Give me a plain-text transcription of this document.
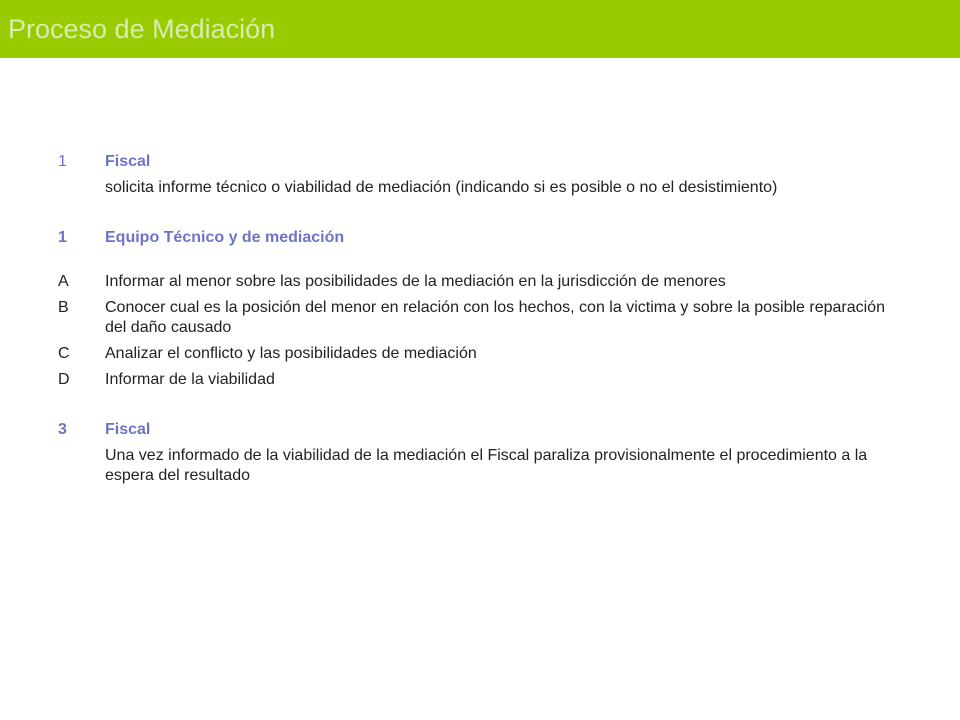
Proceso de Mediación
1	Fiscal
solicita informe técnico o viabilidad de mediación (indicando si es posible o no el desistimiento)
1	Equipo Técnico y de mediación
A	Informar al menor sobre las posibilidades de la mediación en la jurisdicción de menores
B	Conocer cual es la posición del menor en relación con los hechos, con la victima y sobre la posible reparación del daño causado
C	Analizar el conflicto y las posibilidades de mediación
D	Informar de la viabilidad
3	Fiscal
Una vez informado de la viabilidad de la mediación el Fiscal paraliza provisionalmente el procedimiento a la espera del resultado
